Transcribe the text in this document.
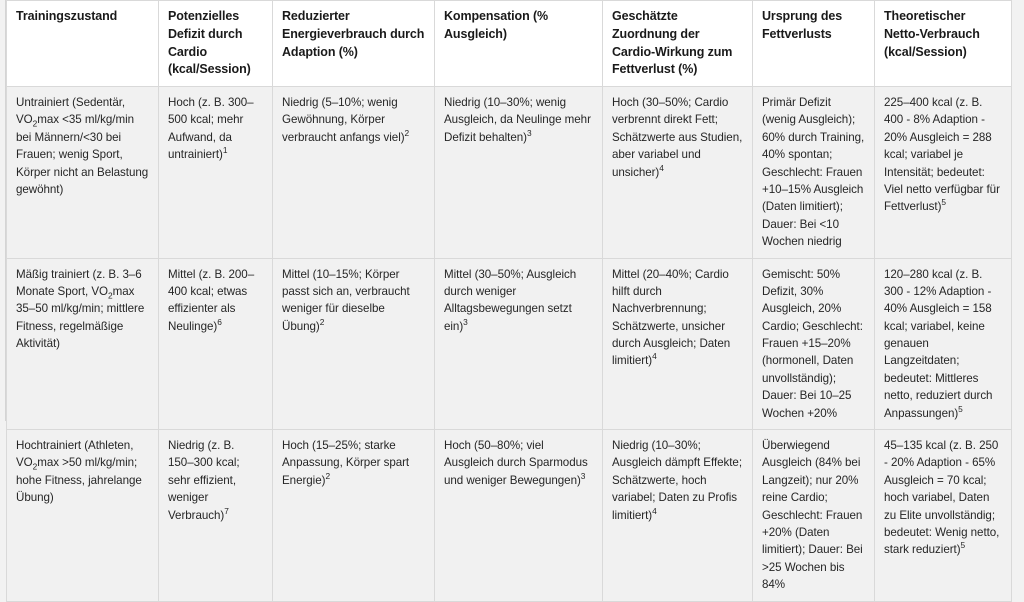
Trainingszustand	Potenzielles Defizit durch Cardio (kcal/Session)	Reduzierter Energieverbrauch durch Adaption (%)	Kompensation (% Ausgleich)	Geschätzte Zuordnung der Cardio-Wirkung zum Fettverlust (%)	Ursprung des Fettverlusts	Theoretischer Netto-Verbrauch (kcal/Session)

Untrainiert (Sedentär, $VO_2\max <35$ ml/kg/min bei Männern/<30 bei Frauen; wenig Sport, Körper nicht an Belastung gewöhnt)	Hoch (z. B. 300–500 kcal; mehr Aufwand, da untrainiert)$^1$	Niedrig (5–10%; wenig Gewöhnung, Körper verbraucht anfangs viel)$^2$	Niedrig (10–30%; wenig Ausgleich, da Neulinge mehr Defizit behalten)$^3$	Hoch (30–50%; Cardio verbrennt direkt Fett; Schätzwerte aus Studien, aber variabel und unsicher)$^4$	Primär Defizit (wenig Ausgleich); 60% durch Training, 40% spontan; Geschlecht: Frauen +10–15% Ausgleich (Daten limitiert); Dauer: Bei <10 Wochen niedrig	225–400 kcal (z. B. 400 - 8% Adaption - 20% Ausgleich = 288 kcal; variabel je Intensität; bedeutet: Viel netto verfügbar für Fettverlust)$^5$

Mäßig trainiert (z. B. 3–6 Monate Sport, $VO_2\max$ 35–50 ml/kg/min; mittlere Fitness, regelmäßige Aktivität)	Mittel (z. B. 200–400 kcal; etwas effizienter als Neulinge)$^6$	Mittel (10–15%; Körper passt sich an, verbraucht weniger für dieselbe Übung)$^2$	Mittel (30–50%; Ausgleich durch weniger Alltagsbewegungen setzt ein)$^3$	Mittel (20–40%; Cardio hilft durch Nachverbrennung; Schätzwerte, unsicher durch Ausgleich; Daten limitiert)$^4$	Gemischt: 50% Defizit, 30% Ausgleich, 20% Cardio; Geschlecht: Frauen +15–20% (hormonell, Daten unvollständig); Dauer: Bei 10–25 Wochen +20%	120–280 kcal (z. B. 300 - 12% Adaption - 40% Ausgleich = 158 kcal; variabel, keine genauen Langzeitdaten; bedeutet: Mittleres netto, reduziert durch Anpassungen)$^5$

Hochtrainiert (Athleten, $VO_2\max >50$ ml/kg/min; hohe Fitness, jahrelange Übung)	Niedrig (z. B. 150–300 kcal; sehr effizient, weniger Verbrauch)$^7$	Hoch (15–25%; starke Anpassung, Körper spart Energie)$^2$	Hoch (50–80%; viel Ausgleich durch Sparmodus und weniger Bewegungen)$^3$	Niedrig (10–30%; Ausgleich dämpft Effekte; Schätzwerte, hoch variabel; Daten zu Profis limitiert)$^4$	Überwiegend Ausgleich (84% bei Langzeit); nur 20% reine Cardio; Geschlecht: Frauen +20% (Daten limitiert); Dauer: Bei >25 Wochen bis 84%	45–135 kcal (z. B. 250 - 20% Adaption - 65% Ausgleich = 70 kcal; hoch variabel, Daten zu Elite unvollständig; bedeutet: Wenig netto, stark reduziert)$^5$
